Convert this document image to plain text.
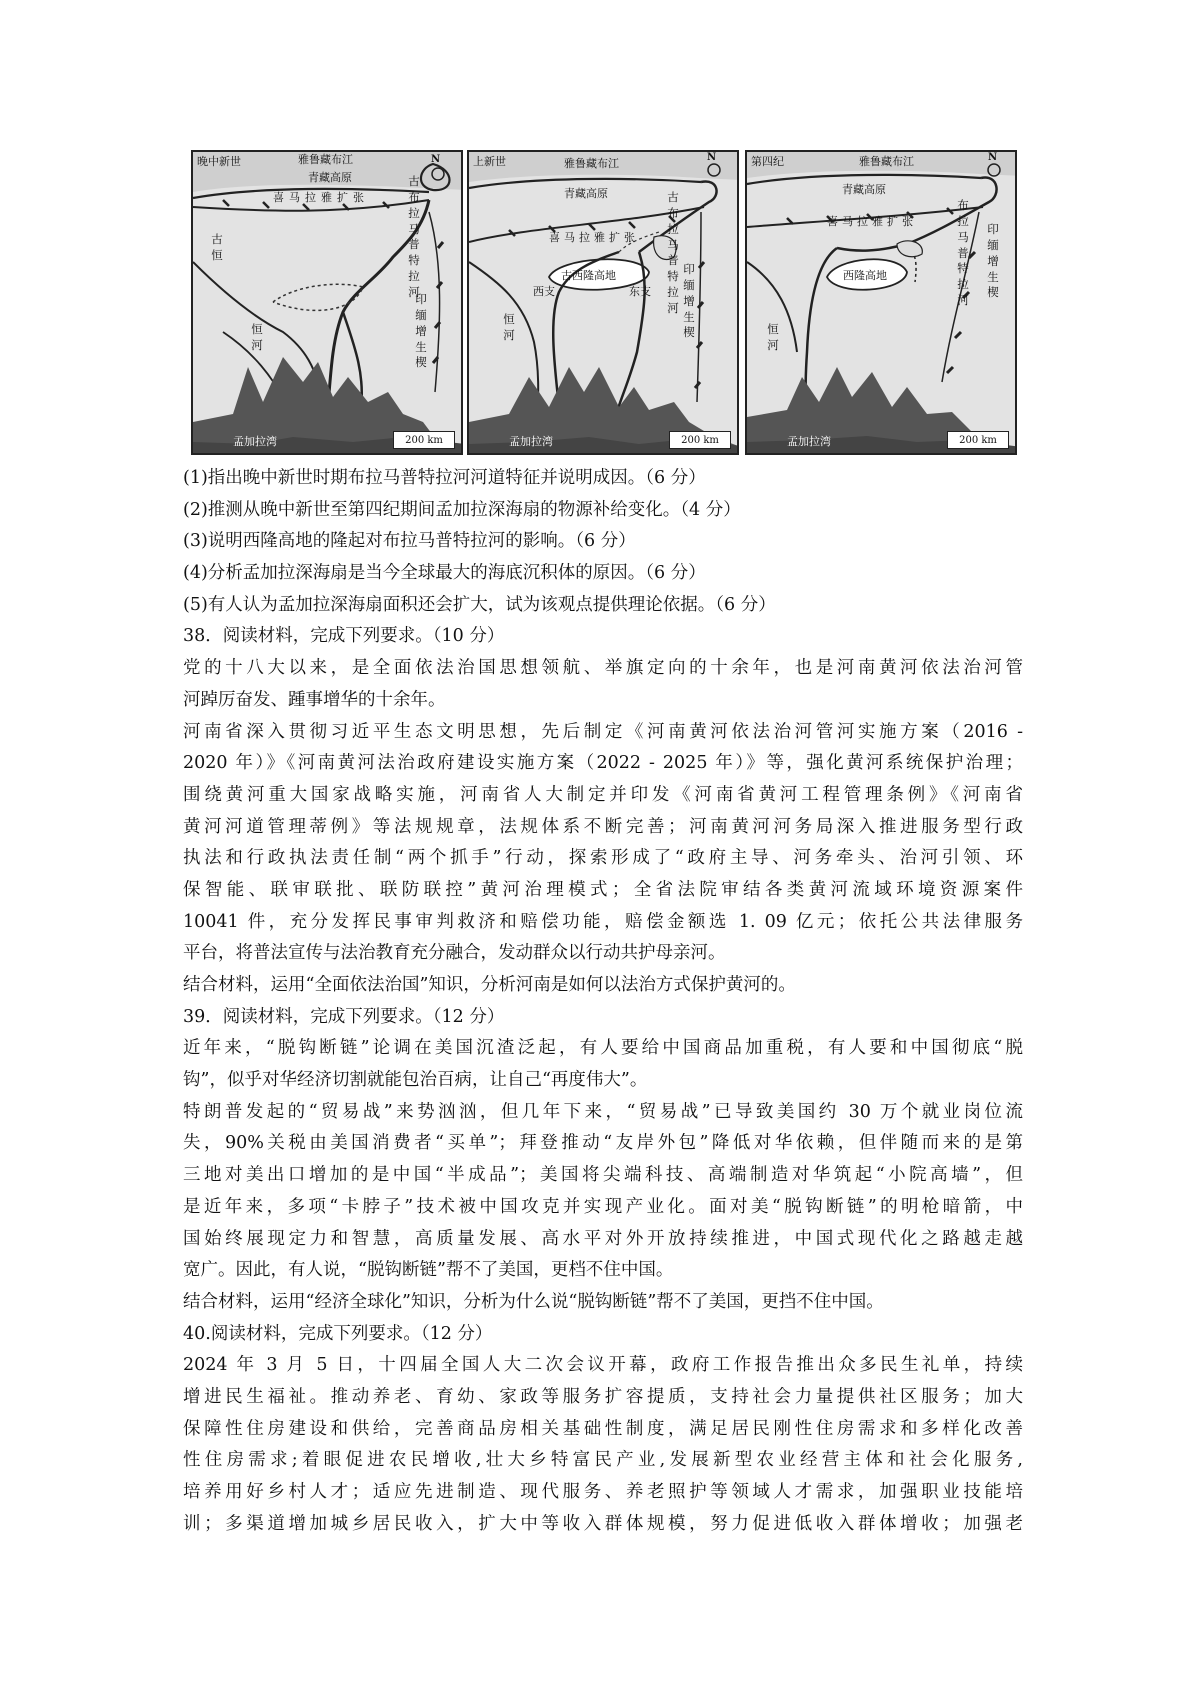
晚中新世	雅鲁藏布江
青藏高原
喜马拉雅扩张
N
古
恒
古
布
拉
马
普
特
拉
河
印
缅
增
生
楔
恒
河
孟加拉湾	200 km
上新世	雅鲁藏布江
青藏高原
喜马拉雅扩张
古西隆高地
西支	东支
N
古
布
拉
马
普
特
拉
河
印
缅
增
生
楔
恒
河
孟加拉湾	200 km
第四纪	雅鲁藏布江
青藏高原
喜马拉雅扩张
西隆高地
N
布
拉
马
普
特
拉
河
印
缅
增
生
楔
恒
河
孟加拉湾	200 km
(1)指出晚中新世时期布拉马普特拉河河道特征并说明成因。（6 分）
(2)推测从晚中新世至第四纪期间孟加拉深海扇的物源补给变化。（4 分）
(3)说明西隆高地的隆起对布拉马普特拉河的影响。（6 分）
(4)分析孟加拉深海扇是当今全球最大的海底沉积体的原因。（6 分）
(5)有人认为孟加拉深海扇面积还会扩大，试为该观点提供理论依据。（6 分）
38．阅读材料，完成下列要求。（10 分）
党的十八大以来，是全面依法治国思想领航、举旗定向的十余年，也是河南黄河依法治河管
河踔厉奋发、踵事增华的十余年。
河南省深入贯彻习近平生态文明思想，先后制定《河南黄河依法治河管河实施方案（2016 -
2020 年）》《河南黄河法治政府建设实施方案（2022 - 2025 年）》等，强化黄河系统保护治理；
围绕黄河重大国家战略实施，河南省人大制定并印发《河南省黄河工程管理条例》《河南省
黄河河道管理蒂例》等法规规章，法规体系不断完善；河南黄河河务局深入推进服务型行政
执法和行政执法责任制“两个抓手”行动，探索形成了“政府主导、河务牵头、治河引领、环
保智能、联审联批、联防联控”黄河治理模式；全省法院审结各类黄河流域环境资源案件
10041 件，充分发挥民事审判救济和赔偿功能，赔偿金额选 1. 09 亿元；依托公共法律服务
平台，将普法宣传与法治教育充分融合，发动群众以行动共护母亲河。
结合材料，运用“全面依法治国”知识，分析河南是如何以法治方式保护黄河的。
39．阅读材料，完成下列要求。（12 分）
近年来，“脱钩断链”论调在美国沉渣泛起，有人要给中国商品加重税，有人要和中国彻底“脱
钩”，似乎对华经济切割就能包治百病，让自己“再度伟大”。
特朗普发起的“贸易战”来势汹汹，但几年下来，“贸易战”已导致美国约 30 万个就业岗位流
失，90%关税由美国消费者“买单”；拜登推动“友岸外包”降低对华依赖，但伴随而来的是第
三地对美出口增加的是中国“半成品”；美国将尖端科技、高端制造对华筑起“小院高墙”，但
是近年来，多项“卡脖子”技术被中国攻克并实现产业化。面对美“脱钩断链”的明枪暗箭，中
国始终展现定力和智慧，高质量发展、高水平对外开放持续推进，中国式现代化之路越走越
宽广。因此，有人说，“脱钩断链”帮不了美国，更档不住中国。
结合材料，运用“经济全球化”知识，分析为什么说“脱钩断链”帮不了美国，更挡不住中国。
40.阅读材料，完成下列要求。（12 分）
2024 年 3 月 5 日，十四届全国人大二次会议开幕，政府工作报告推出众多民生礼单，持续
增进民生福祉。推动养老、育幼、家政等服务扩容提质，支持社会力量提供社区服务；加大
保障性住房建设和供给，完善商品房相关基础性制度，满足居民刚性住房需求和多样化改善
性住房需求;着眼促进农民增收,壮大乡特富民产业,发展新型农业经营主体和社会化服务,
培养用好乡村人才；适应先进制造、现代服务、养老照护等领域人才需求，加强职业技能培
训；多渠道增加城乡居民收入，扩大中等收入群体规模，努力促进低收入群体增收；加强老
